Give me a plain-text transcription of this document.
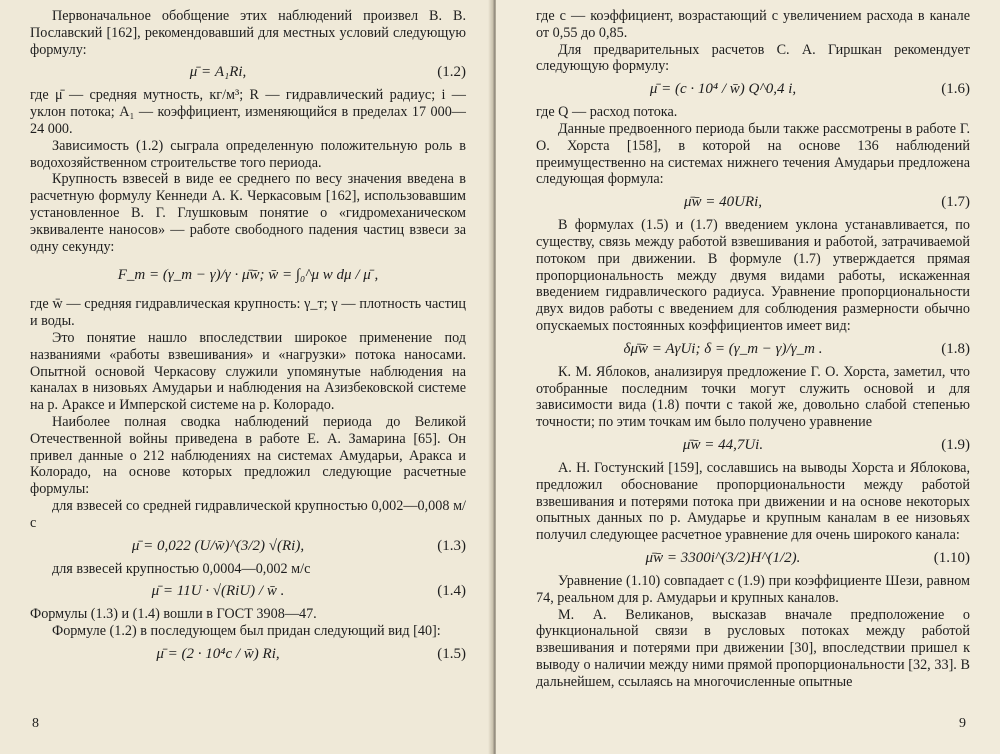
Первоначальное обобщение этих наблюдений произвел В. В. Пославский [162], рекомендовавший для местных условий следующую формулу:

μ̄ = A₁Ri,	(1.2)

где μ̄ — средняя мутность, кг/м³; R — гидравлический радиус; i — уклон потока; A₁ — коэффициент, изменяющийся в пределах 17 000—24 000.

Зависимость (1.2) сыграла определенную положительную роль в водохозяйственном строительстве того периода.

Крупность взвесей в виде ее среднего по весу значения введена в расчетную формулу Кеннеди А. К. Черкасовым [162], использовавшим установленное В. Г. Глушковым понятие о «гидромеханическом эквиваленте наносов» — работе свободного падения частиц взвеси за одну секунду:

F_т = (γ_т − γ)/γ · μ̄w̄; w̄ = ∫₀^μ w dμ / μ̄ ,

где w̄ — средняя гидравлическая крупность: γ_т; γ — плотность частиц и воды.

Это понятие нашло впоследствии широкое применение под названиями «работы взвешивания» и «нагрузки» потока наносами. Опытной основой Черкасову служили упомянутые наблюдения на каналах в низовьях Амударьи и наблюдения на Азизбековской системе на р. Араксе и Имперской системе на р. Колорадо.

Наиболее полная сводка наблюдений периода до Великой Отечественной войны приведена в работе Е. А. Замарина [65]. Он привел данные о 212 наблюдениях на системах Амударьи, Аракса и Колорадо, на основе которых предложил следующие расчетные формулы:

для взвесей со средней гидравлической крупностью 0,002—0,008 м/с

μ̄ = 0,022 (U/w̄)^(3/2) √(Ri),	(1.3)

для взвесей крупностью 0,0004—0,002 м/с

μ̄ = 11U · √(RiU) / w̄ .	(1.4)

Формулы (1.3) и (1.4) вошли в ГОСТ 3908—47.

Формуле (1.2) в последующем был придан следующий вид [40]:

μ̄ = (2 · 10⁴c / w̄) Ri,	(1.5)
8

где c — коэффициент, возрастающий с увеличением расхода в канале от 0,55 до 0,85.

Для предварительных расчетов С. А. Гиршкан рекомендует следующую формулу:

μ̄ = (c · 10⁴ / w̄) Q^0,4 i,	(1.6)

где Q — расход потока.

Данные предвоенного периода были также рассмотрены в работе Г. О. Хорста [158], в которой на основе 136 наблюдений преимущественно на системах нижнего течения Амударьи предложена следующая формула:

μ̄w̄ = 40URi,	(1.7)

В формулах (1.5) и (1.7) введением уклона устанавливается, по существу, связь между работой взвешивания и работой, затрачиваемой потоком при движении. В формуле (1.7) утверждается прямая пропорциональность между двумя видами работы, искаженная введением гидравлического радиуса. Уравнение пропорциональности двух видов работы с введением для соблюдения размерности обычно опускаемых постоянных коэффициентов имеет вид:

δμ̄w̄ = AγUi; δ = (γ_т − γ)/γ_т .	(1.8)

К. М. Яблоков, анализируя предложение Г. О. Хорста, заметил, что отобранные последним точки могут служить основой и для зависимости вида (1.8) почти с такой же, довольно слабой степенью точности; по этим точкам им было получено уравнение

μ̄w̄ = 44,7Ui.	(1.9)

А. Н. Гостунский [159], сославшись на выводы Хорста и Яблокова, предложил обоснование пропорциональности между работой взвешивания и потерями потока при движении и на основе некоторых опытных данных по р. Амударье и крупным каналам в ее низовьях получил следующее расчетное уравнение для очень широкого канала:

μ̄w̄ = 3300i^(3/2)H^(1/2).	(1.10)

Уравнение (1.10) совпадает с (1.9) при коэффициенте Шези, равном 74, реальном для р. Амударьи и крупных каналов.

М. А. Великанов, высказав вначале предположение о функциональной связи в русловых потоках между работой взвешивания и потерями при движении [30], впоследствии пришел к выводу о наличии между ними прямой пропорциональности [32, 33]. В дальнейшем, ссылаясь на многочисленные опытные

9
